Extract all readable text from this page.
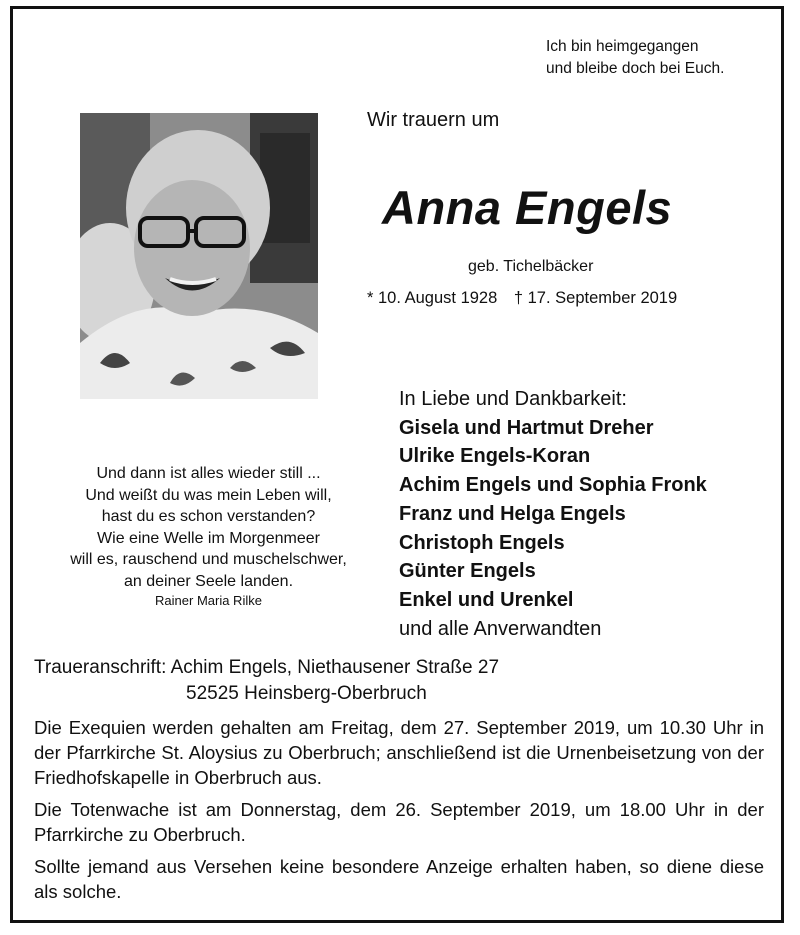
Ich bin heimgegangen
und bleibe doch bei Euch.
Wir trauern um
Anna Engels
geb. Tichelbäcker
* 10. August 1928 † 17. September 2019
Und dann ist alles wieder still ...
Und weißt du was mein Leben will,
hast du es schon verstanden?
Wie eine Welle im Morgenmeer
will es, rauschend und muschelschwer,
an deiner Seele landen.
Rainer Maria Rilke
In Liebe und Dankbarkeit:
Gisela und Hartmut Dreher
Ulrike Engels-Koran
Achim Engels und Sophia Fronk
Franz und Helga Engels
Christoph Engels
Günter Engels
Enkel und Urenkel
und alle Anverwandten
Traueranschrift: Achim Engels, Niethausener Straße 27
52525 Heinsberg-Oberbruch
Die Exequien werden gehalten am Freitag, dem 27. September 2019, um 10.30 Uhr in der Pfarrkirche St. Aloysius zu Oberbruch; anschließend ist die Urnenbeisetzung von der Friedhofskapelle in Oberbruch aus.
Die Totenwache ist am Donnerstag, dem 26. September 2019, um 18.00 Uhr in der Pfarrkirche zu Oberbruch.
Sollte jemand aus Versehen keine besondere Anzeige erhalten haben, so diene diese als solche.
